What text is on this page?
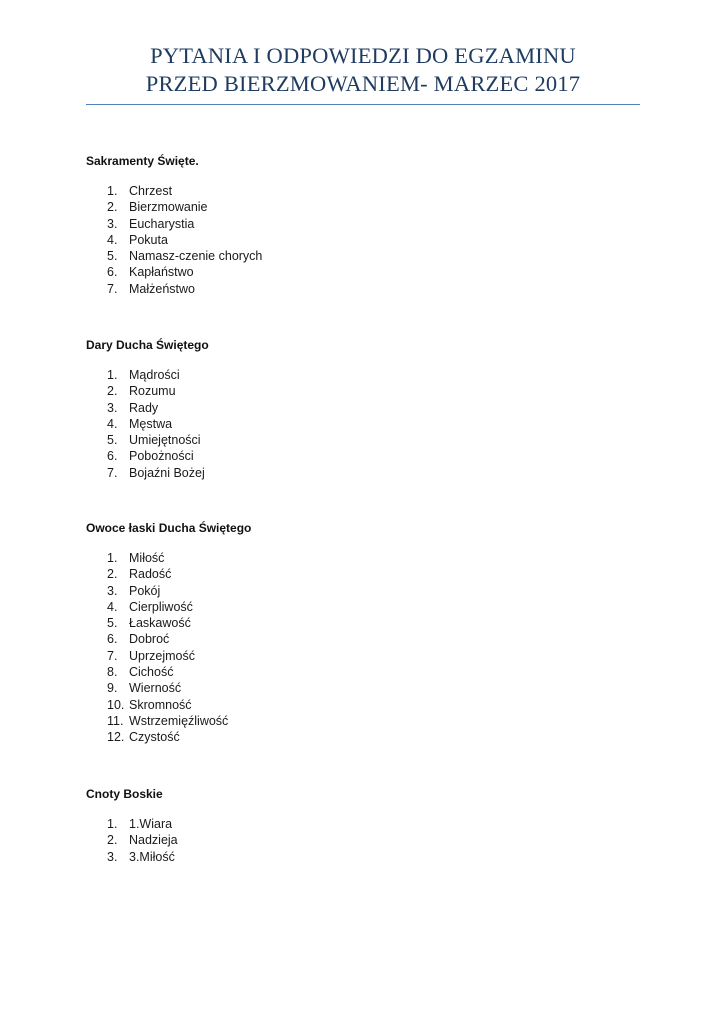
PYTANIA I ODPOWIEDZI DO EGZAMINU
PRZED BIERZMOWANIEM- MARZEC 2017

Sakramenty Święte.

1. Chrzest
2. Bierzmowanie
3. Eucharystia
4. Pokuta
5. Namasz-czenie chorych
6. Kapłaństwo
7. Małżeństwo

Dary Ducha Świętego

1. Mądrości
2. Rozumu
3. Rady
4. Męstwa
5. Umiejętności
6. Pobożności
7. Bojaźni Bożej

Owoce łaski Ducha Świętego

1. Miłość
2. Radość
3. Pokój
4. Cierpliwość
5. Łaskawość
6. Dobroć
7. Uprzejmość
8. Cichość
9. Wierność
10. Skromność
11. Wstrzemięźliwość
12. Czystość

Cnoty Boskie

1. 1.Wiara
2. Nadzieja
3. 3.Miłość
